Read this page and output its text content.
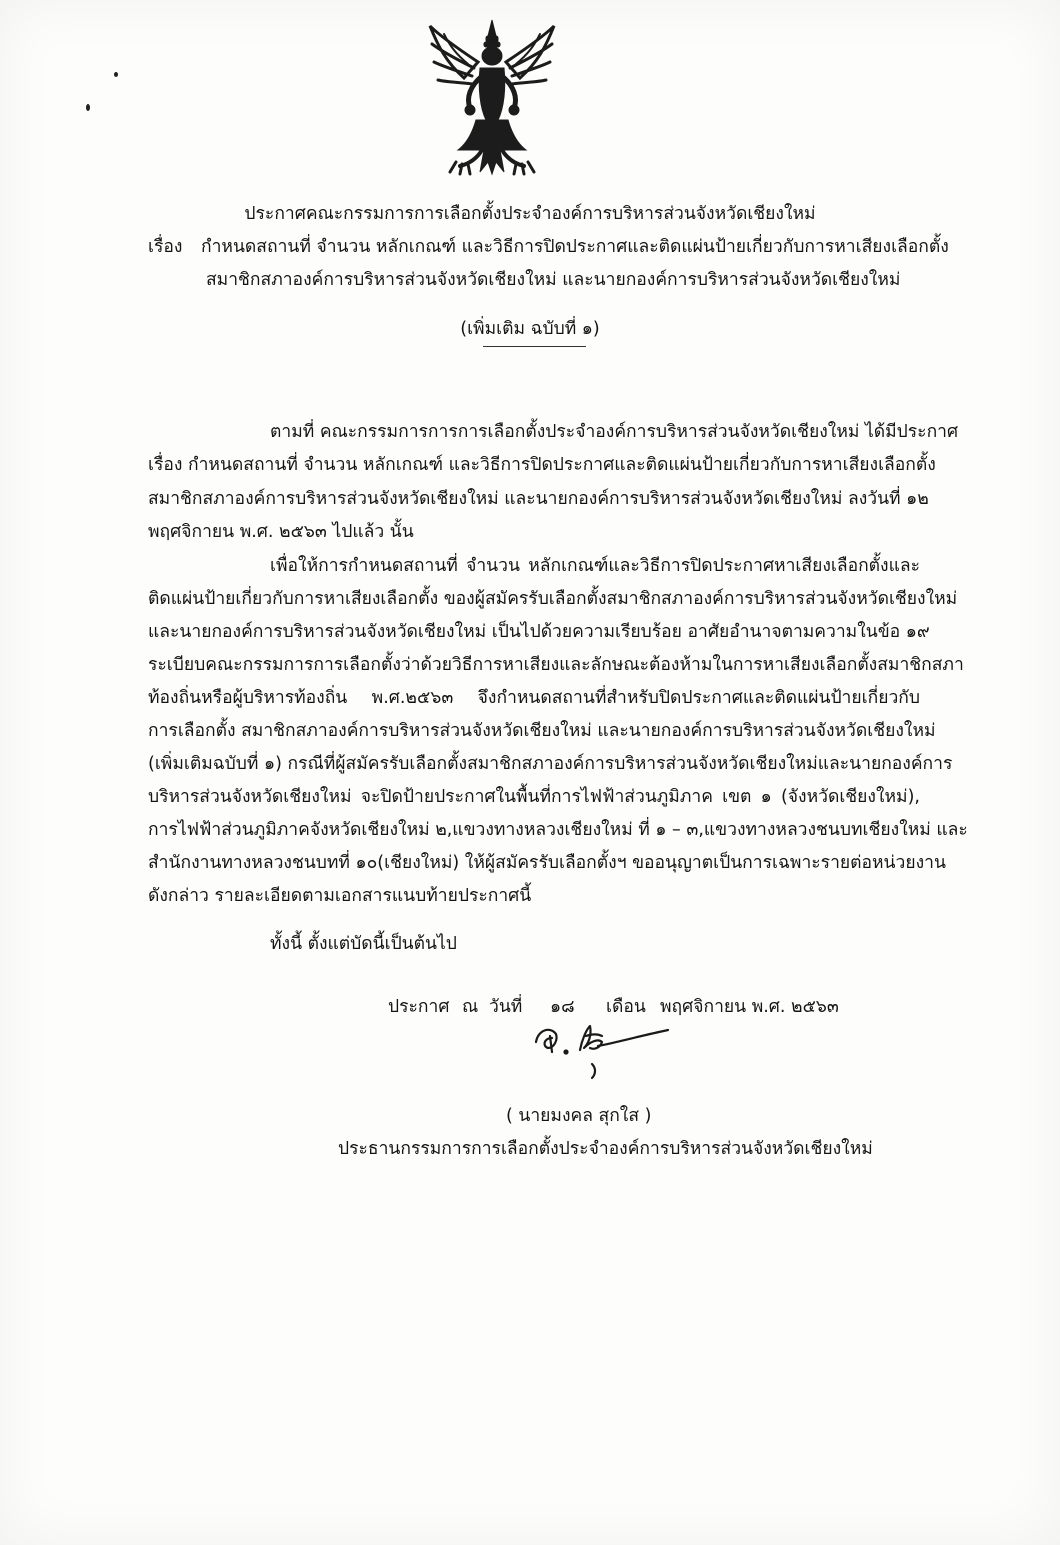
ประกาศคณะกรรมการการเลือกตั้งประจำองค์การบริหารส่วนจังหวัดเชียงใหม่
เรื่อง กำหนดสถานที่ จำนวน หลักเกณฑ์ และวิธีการปิดประกาศและติดแผ่นป้ายเกี่ยวกับการหาเสียงเลือกตั้ง
สมาชิกสภาองค์การบริหารส่วนจังหวัดเชียงใหม่ และนายกองค์การบริหารส่วนจังหวัดเชียงใหม่
(เพิ่มเติม ฉบับที่ ๑)
ตามที่ คณะกรรมการการการเลือกตั้งประจำองค์การบริหารส่วนจังหวัดเชียงใหม่ ได้มีประกาศ
เรื่อง กำหนดสถานที่ จำนวน หลักเกณฑ์ และวิธีการปิดประกาศและติดแผ่นป้ายเกี่ยวกับการหาเสียงเลือกตั้ง
สมาชิกสภาองค์การบริหารส่วนจังหวัดเชียงใหม่ และนายกองค์การบริหารส่วนจังหวัดเชียงใหม่ ลงวันที่ ๑๒
พฤศจิกายน พ.ศ. ๒๕๖๓ ไปแล้ว นั้น
เพื่อให้การกำหนดสถานที่ จำนวน หลักเกณฑ์และวิธีการปิดประกาศหาเสียงเลือกตั้งและ
ติดแผ่นป้ายเกี่ยวกับการหาเสียงเลือกตั้ง ของผู้สมัครรับเลือกตั้งสมาชิกสภาองค์การบริหารส่วนจังหวัดเชียงใหม่
และนายกองค์การบริหารส่วนจังหวัดเชียงใหม่ เป็นไปด้วยความเรียบร้อย อาศัยอำนาจตามความในข้อ ๑๙
ระเบียบคณะกรรมการการเลือกตั้งว่าด้วยวิธีการหาเสียงและลักษณะต้องห้ามในการหาเสียงเลือกตั้งสมาชิกสภา
ท้องถิ่นหรือผู้บริหารท้องถิ่น พ.ศ.๒๕๖๓ จึงกำหนดสถานที่สำหรับปิดประกาศและติดแผ่นป้ายเกี่ยวกับ
การเลือกตั้ง สมาชิกสภาองค์การบริหารส่วนจังหวัดเชียงใหม่ และนายกองค์การบริหารส่วนจังหวัดเชียงใหม่
(เพิ่มเติมฉบับที่ ๑) กรณีที่ผู้สมัครรับเลือกตั้งสมาชิกสภาองค์การบริหารส่วนจังหวัดเชียงใหม่และนายกองค์การ
บริหารส่วนจังหวัดเชียงใหม่ จะปิดป้ายประกาศในพื้นที่การไฟฟ้าส่วนภูมิภาค เขต ๑ (จังหวัดเชียงใหม่),
การไฟฟ้าส่วนภูมิภาคจังหวัดเชียงใหม่ ๒,แขวงทางหลวงเชียงใหม่ ที่ ๑ – ๓,แขวงทางหลวงชนบทเชียงใหม่ และ
สำนักงานทางหลวงชนบทที่ ๑๐(เชียงใหม่) ให้ผู้สมัครรับเลือกตั้งฯ ขออนุญาตเป็นการเฉพาะรายต่อหน่วยงาน
ดังกล่าว รายละเอียดตามเอกสารแนบท้ายประกาศนี้
ทั้งนี้ ตั้งแต่บัดนี้เป็นต้นไป
ประกาศ ณ วันที่ ๑๘ เดือน พฤศจิกายน พ.ศ. ๒๕๖๓
( นายมงคล สุกใส )
ประธานกรรมการการเลือกตั้งประจำองค์การบริหารส่วนจังหวัดเชียงใหม่
